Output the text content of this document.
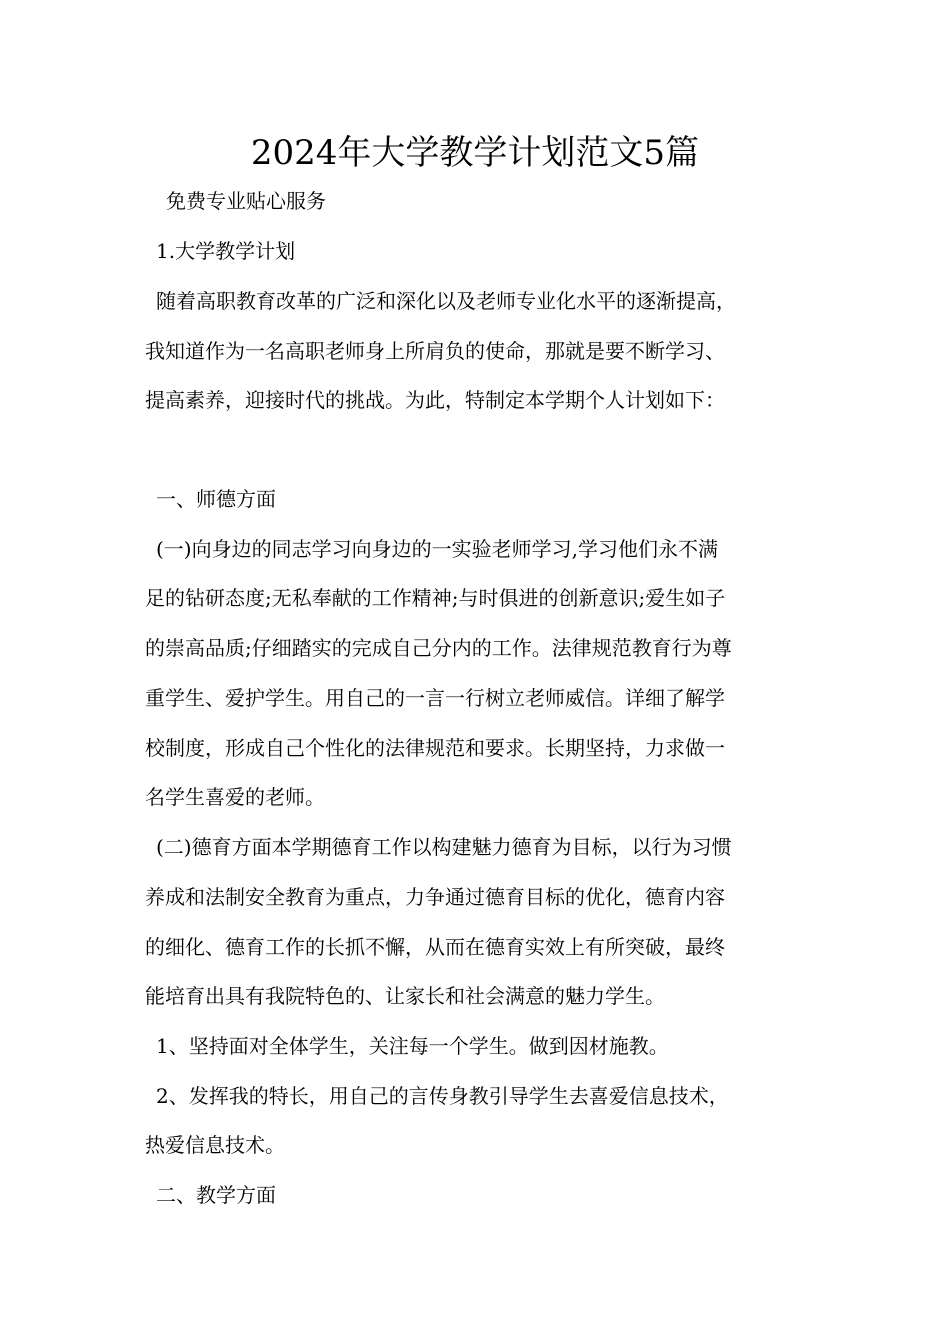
2024年大学教学计划范文5篇
免费专业贴心服务
1.大学教学计划
随着高职教育改革的广泛和深化以及老师专业化水平的逐渐提高，
我知道作为一名高职老师身上所肩负的使命，那就是要不断学习、
提高素养，迎接时代的挑战。为此，特制定本学期个人计划如下：
一、师德方面
(一)向身边的同志学习向身边的一实验老师学习,学习他们永不满
足的钻研态度;无私奉献的工作精神;与时俱进的创新意识;爱生如子
的崇高品质;仔细踏实的完成自己分内的工作。法律规范教育行为尊
重学生、爱护学生。用自己的一言一行树立老师威信。详细了解学
校制度，形成自己个性化的法律规范和要求。长期坚持，力求做一
名学生喜爱的老师。
(二)德育方面本学期德育工作以构建魅力德育为目标，以行为习惯
养成和法制安全教育为重点，力争通过德育目标的优化，德育内容
的细化、德育工作的长抓不懈，从而在德育实效上有所突破，最终
能培育出具有我院特色的、让家长和社会满意的魅力学生。
1、坚持面对全体学生，关注每一个学生。做到因材施教。
2、发挥我的特长，用自己的言传身教引导学生去喜爱信息技术，
热爱信息技术。
二、教学方面
